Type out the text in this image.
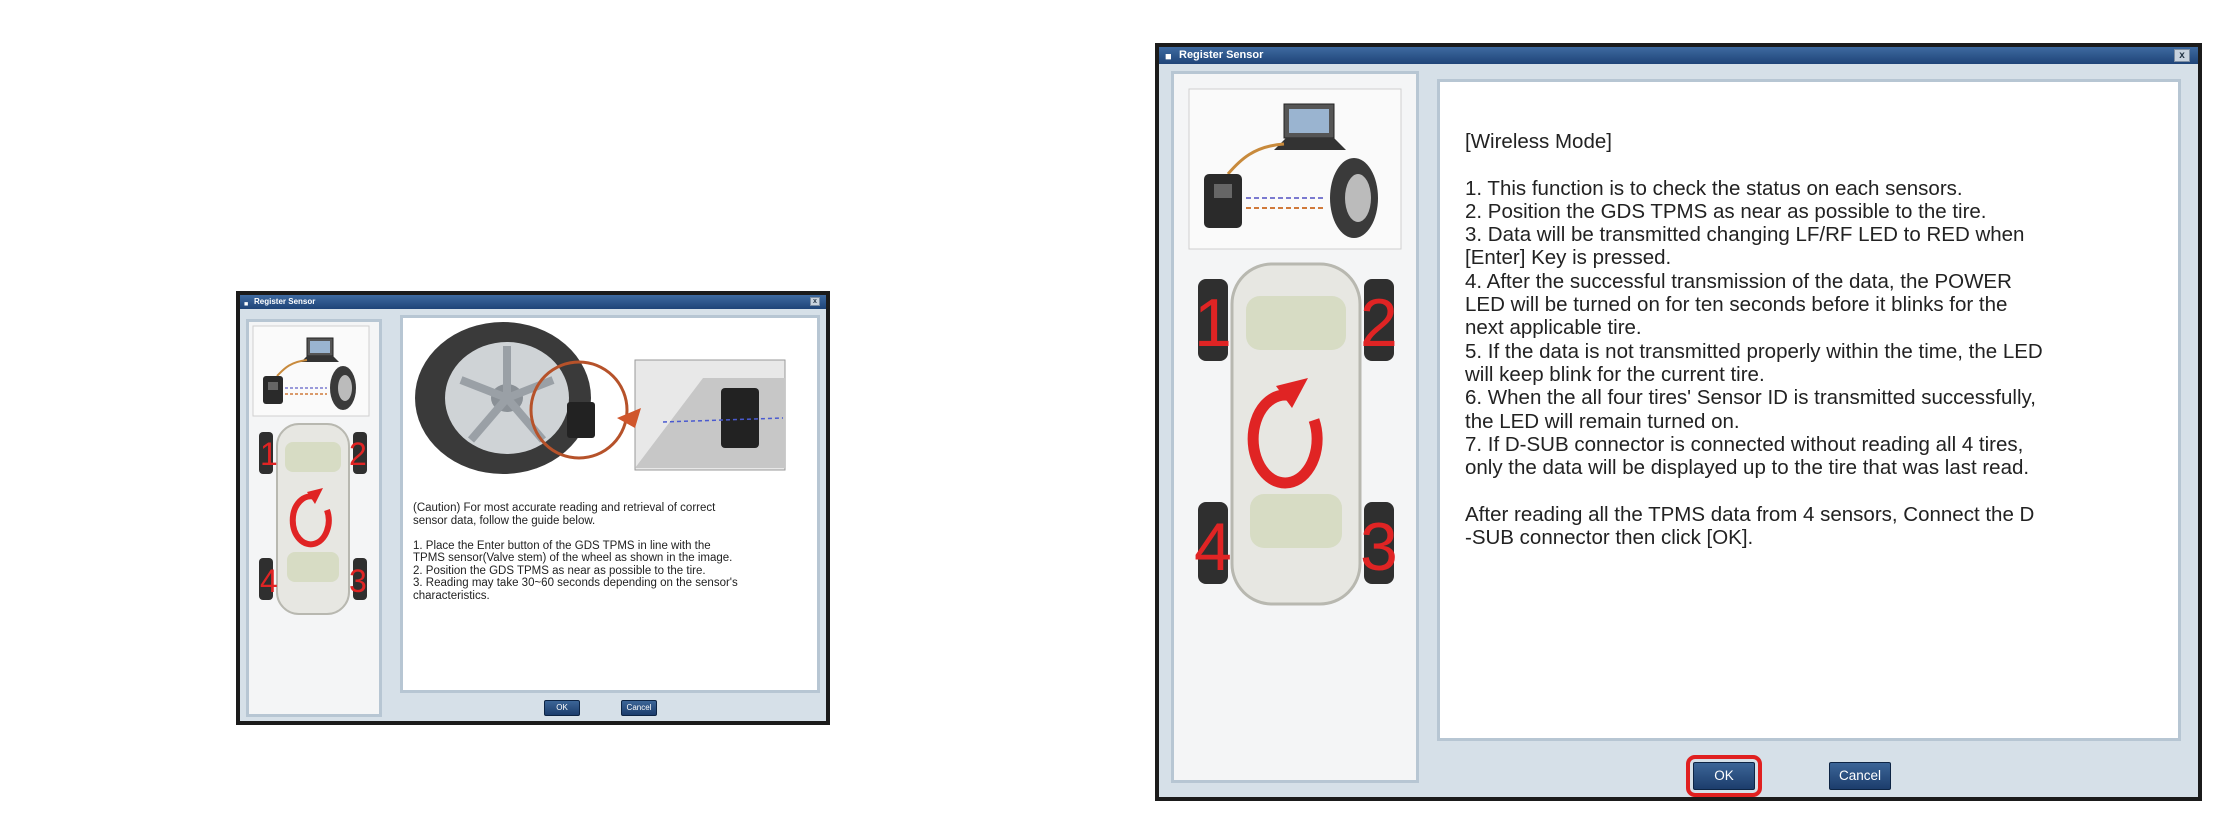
■ Register Sensor	x
1 2
3
4
(Caution) For most accurate reading and retrieval of correct
sensor data, follow the guide below.

1. Place the Enter button of the GDS TPMS in line with the
TPMS sensor(Valve stem) of the wheel as shown in the image.
2. Position the GDS TPMS as near as possible to the tire.
3. Reading may take 30~60 seconds depending on the sensor's
characteristics.
OK	Cancel
■ Register Sensor	x
1 2
3
4
[Wireless Mode]

1. This function is to check the status on each sensors.
2. Position the GDS TPMS as near as possible to the tire.
3. Data will be transmitted changing LF/RF LED to RED when
[Enter] Key is pressed.
4. After the successful transmission of the data, the POWER
LED will be turned on for ten seconds before it blinks for the
next applicable tire.
5. If the data is not transmitted properly within the time, the LED
will keep blink for the current tire.
6. When the all four tires' Sensor ID is transmitted successfully,
the LED will remain turned on.
7. If D-SUB connector is connected without reading all 4 tires,
only the data will be displayed up to the tire that was last read.

After reading all the TPMS data from 4 sensors, Connect the D
-SUB connector then click [OK].
OK	Cancel
